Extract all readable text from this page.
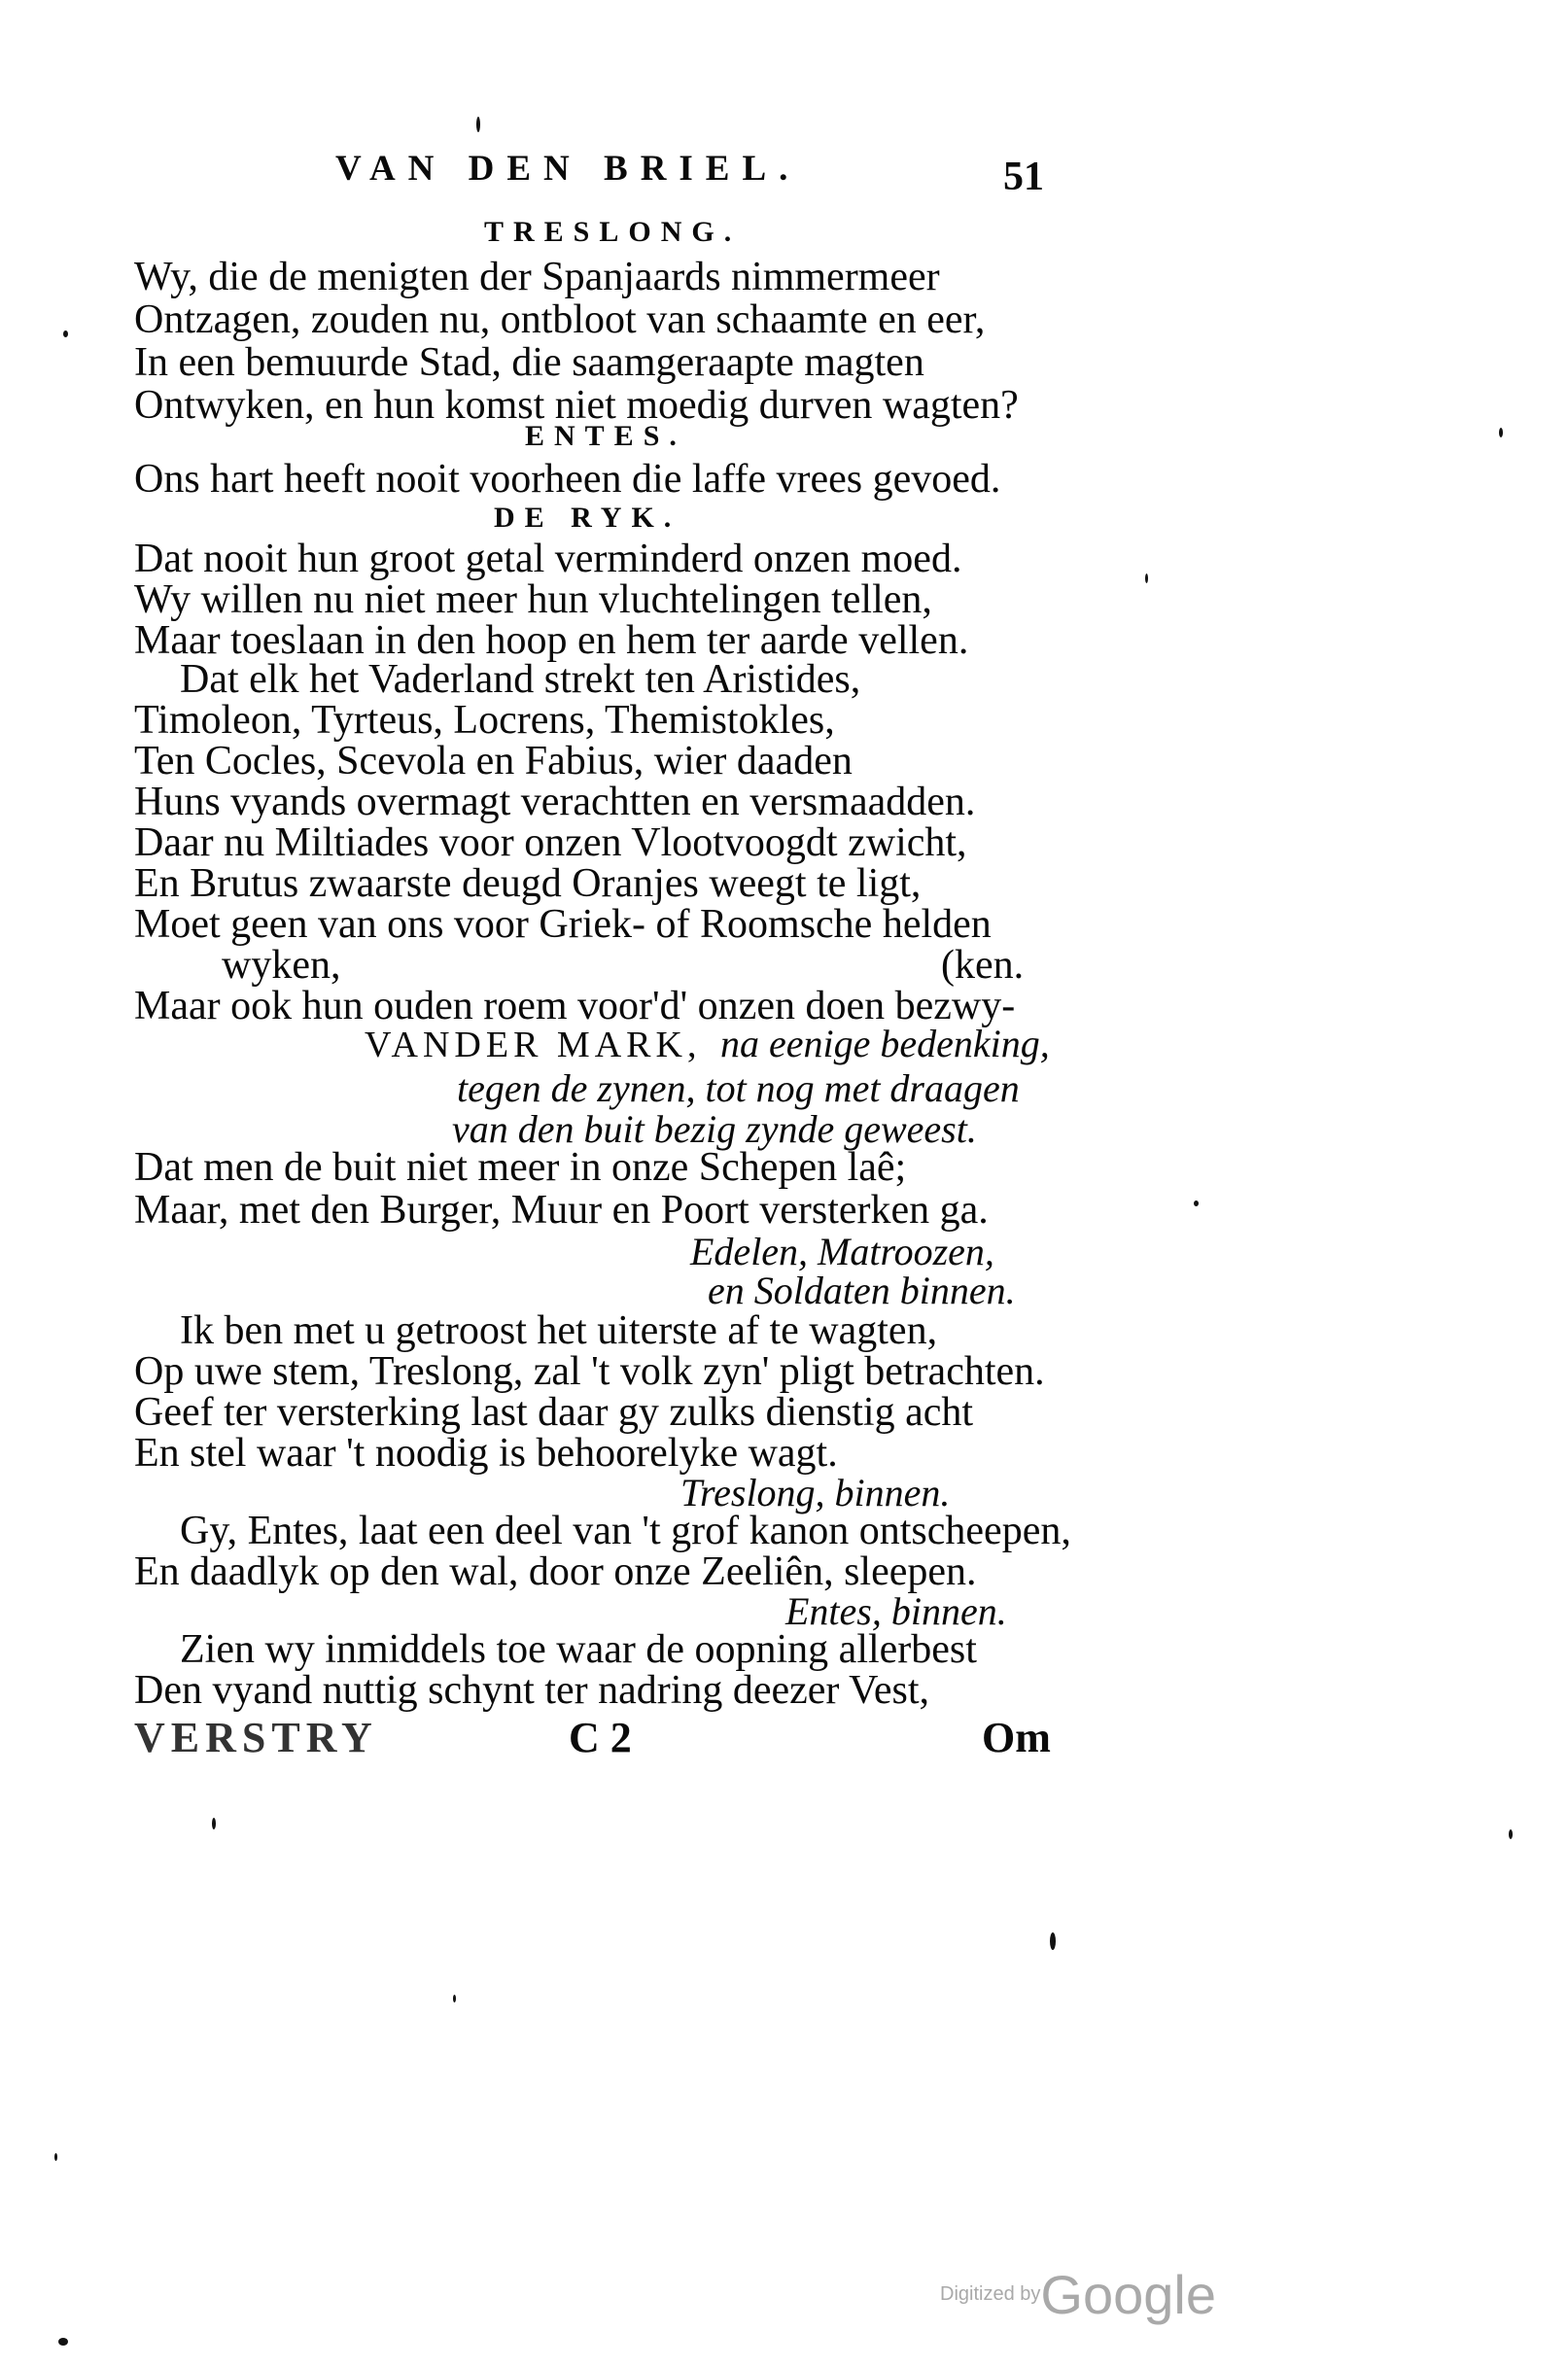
VAN DEN BRIEL.	51
TRESLONG.
Wy, die de menigten der Spanjaards nimmermeer
Ontzagen, zouden nu, ontbloot van schaamte en eer,
In een bemuurde Stad, die saamgeraapte magten
Ontwyken, en hun komst niet moedig durven wagten?
ENTES.
Ons hart heeft nooit voorheen die laffe vrees gevoed.
DE RYK.
Dat nooit hun groot getal verminderd onzen moed.
Wy willen nu niet meer hun vluchtelingen tellen,
Maar toeslaan in den hoop en hem ter aarde vellen.
Dat elk het Vaderland strekt ten Aristides,
Timoleon, Tyrteus, Locrens, Themistokles,
Ten Cocles, Scevola en Fabius, wier daaden
Huns vyands overmagt verachtten en versmaadden.
Daar nu Miltiades voor onzen Vlootvoogdt zwicht,
En Brutus zwaarste deugd Oranjes weegt te ligt,
Moet geen van ons voor Griek- of Roomsche helden
wyken,	(ken.
Maar ook hun ouden roem voor'd' onzen doen bezwy-
VANDER MARK, na eenige bedenking,
tegen de zynen, tot nog met draagen
van den buit bezig zynde geweest.
Dat men de buit niet meer in onze Schepen laê;
Maar, met den Burger, Muur en Poort versterken ga.
Edelen, Matroozen,
en Soldaten binnen.
Ik ben met u getroost het uiterste af te wagten,
Op uwe stem, Treslong, zal 't volk zyn' pligt betrachten.
Geef ter versterking last daar gy zulks dienstig acht
En stel waar 't noodig is behoorelyke wagt.
Treslong, binnen.
Gy, Entes, laat een deel van 't grof kanon ontscheepen,
En daadlyk op den wal, door onze Zeeliên, sleepen.
Entes, binnen.
Zien wy inmiddels toe waar de oopning allerbest
Den vyand nuttig schynt ter nadring deezer Vest,
VERSTRY	C 2	Om
Digitized byGoogle
